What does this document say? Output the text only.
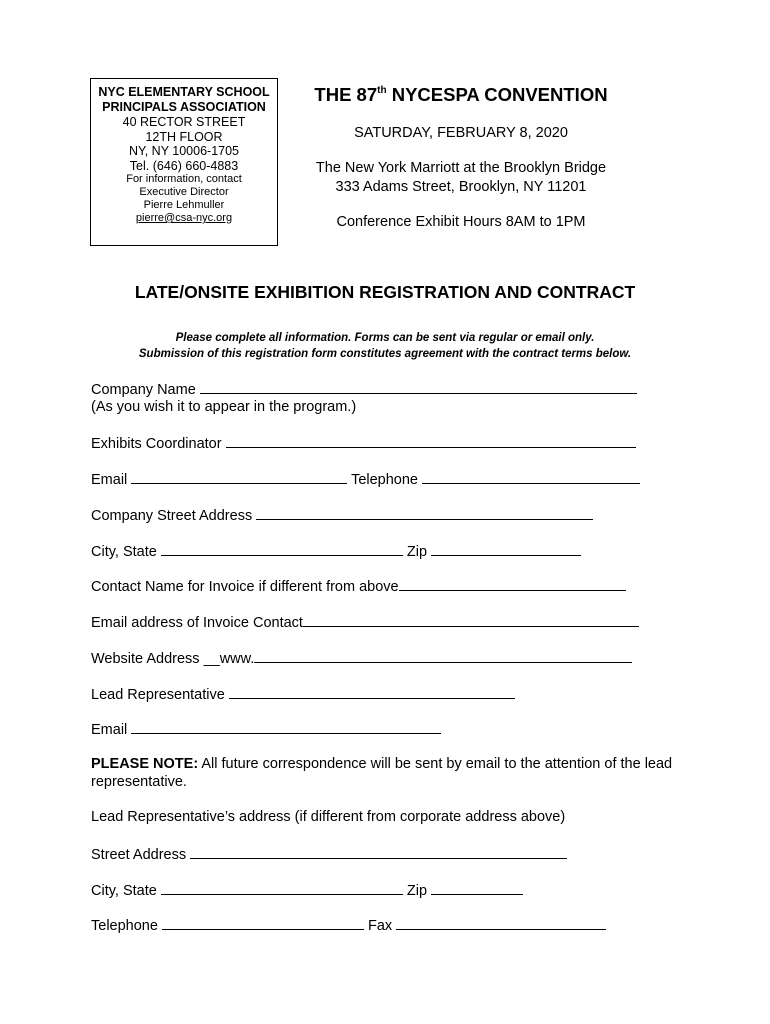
NYC ELEMENTARY SCHOOL
PRINCIPALS ASSOCIATION
40 RECTOR STREET
12TH FLOOR
NY, NY 10006-1705
Tel. (646) 660-4883
For information, contact
Executive Director
Pierre Lehmuller
pierre@csa-nyc.org
THE 87th NYCESPA CONVENTION
SATURDAY, FEBRUARY 8, 2020
The New York Marriott at the Brooklyn Bridge
333 Adams Street, Brooklyn, NY 11201
Conference Exhibit Hours 8AM to 1PM
LATE/ONSITE EXHIBITION REGISTRATION AND CONTRACT
Please complete all information. Forms can be sent via regular or email only.
Submission of this registration form constitutes agreement with the contract terms below.
Company Name
(As you wish it to appear in the program.)
Exhibits Coordinator
Email	Telephone
Company Street Address
City, State	Zip
Contact Name for Invoice if different from above
Email address of Invoice Contact
Website Address __www.
Lead Representative
Email
PLEASE NOTE: All future correspondence will be sent by email to the attention of the lead representative.
Lead Representative’s address (if different from corporate address above)
Street Address
City, State	Zip
Telephone	Fax
